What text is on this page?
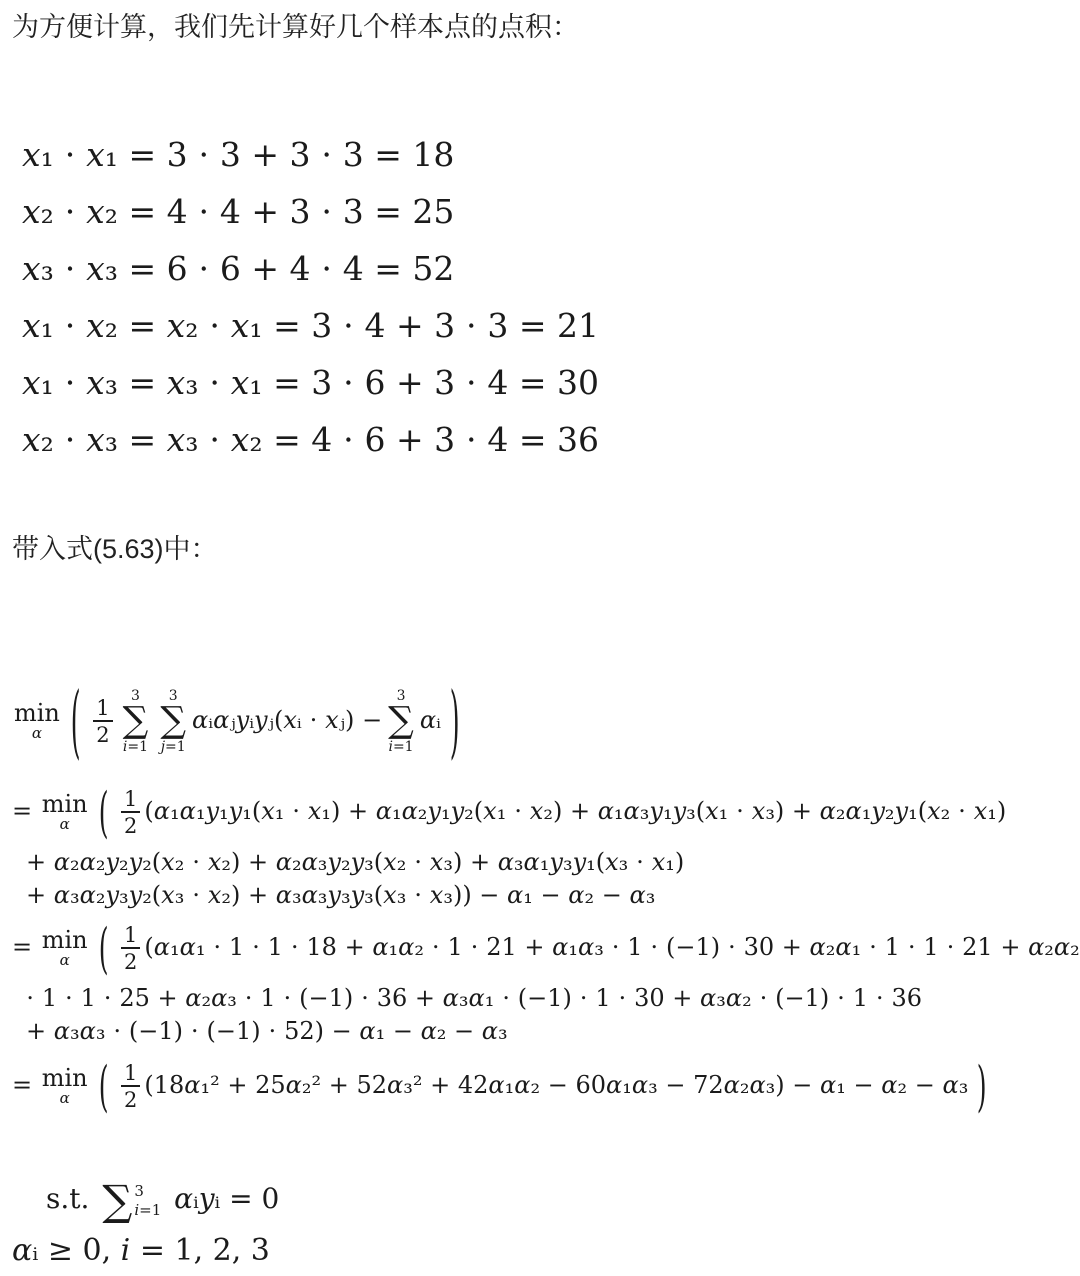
为方便计算，我们先计算好几个样本点的点积：

x₁ ⋅ x₁ = 3 ⋅ 3 + 3 ⋅ 3 = 18
x₂ ⋅ x₂ = 4 ⋅ 4 + 3 ⋅ 3 = 25
x₃ ⋅ x₃ = 6 ⋅ 6 + 4 ⋅ 4 = 52
x₁ ⋅ x₂ = x₂ ⋅ x₁ = 3 ⋅ 4 + 3 ⋅ 3 = 21
x₁ ⋅ x₃ = x₃ ⋅ x₁ = 3 ⋅ 6 + 3 ⋅ 4 = 30
x₂ ⋅ x₃ = x₃ ⋅ x₂ = 4 ⋅ 6 + 3 ⋅ 4 = 36

带入式(5.63)中：

min
α ( $\frac{1}{2}$
3
∑
i=1
3
∑
j=1
αᵢαⱼyᵢyⱼ(xᵢ ⋅ xⱼ) −
3
∑
i=1
αᵢ )
= min
α ( $\frac{1}{2} (\alpha_1\alpha_1y_1y_1(x_1 \cdot x_1) + \alpha_1\alpha_2y_1y_2(x_1 \cdot x_2) + \alpha_1\alpha_3y_1y_3(x_1 \cdot x_3) + \alpha_2\alpha_1y_2y_1(x_2 \cdot x_1)$
+ α₂α₂y₂y₂(x₂ ⋅ x₂) + α₂α₃y₂y₃(x₂ ⋅ x₃) + α₃α₁y₃y₁(x₃ ⋅ x₁)
+ α₃α₂y₃y₂(x₃ ⋅ x₂) + α₃α₃y₃y₃(x₃ ⋅ x₃)) − α₁ − α₂ − α₃
= min
α ( $\frac{1}{2} (\alpha_1\alpha_1 \cdot 1 \cdot 1 \cdot 18 + \alpha_1\alpha_2 \cdot 1 \cdot 21 + \alpha_1\alpha_3 \cdot 1 \cdot (-1) \cdot 30 + \alpha_2\alpha_1 \cdot 1 \cdot 1 \cdot 21 + \alpha_2\alpha_2$
⋅ 1 ⋅ 1 ⋅ 25 + α₂α₃ ⋅ 1 ⋅ (−1) ⋅ 36 + α₃α₁ ⋅ (−1) ⋅ 1 ⋅ 30 + α₃α₂ ⋅ (−1) ⋅ 1 ⋅ 36
+ α₃α₃ ⋅ (−1) ⋅ (−1) ⋅ 52) − α₁ − α₂ − α₃
= min
α ( $\frac{1}{2} (18\alpha_1^2 + 25\alpha_2^2 + 52\alpha_3^2 + 42\alpha_1\alpha_2 - 60\alpha_1\alpha_3 - 72\alpha_2\alpha_3) - \alpha_1 - \alpha_2 - \alpha_3$ )
s.t. ∑ 3
i=1 αᵢyᵢ = 0
αᵢ ≥ 0, i = 1, 2, 3
